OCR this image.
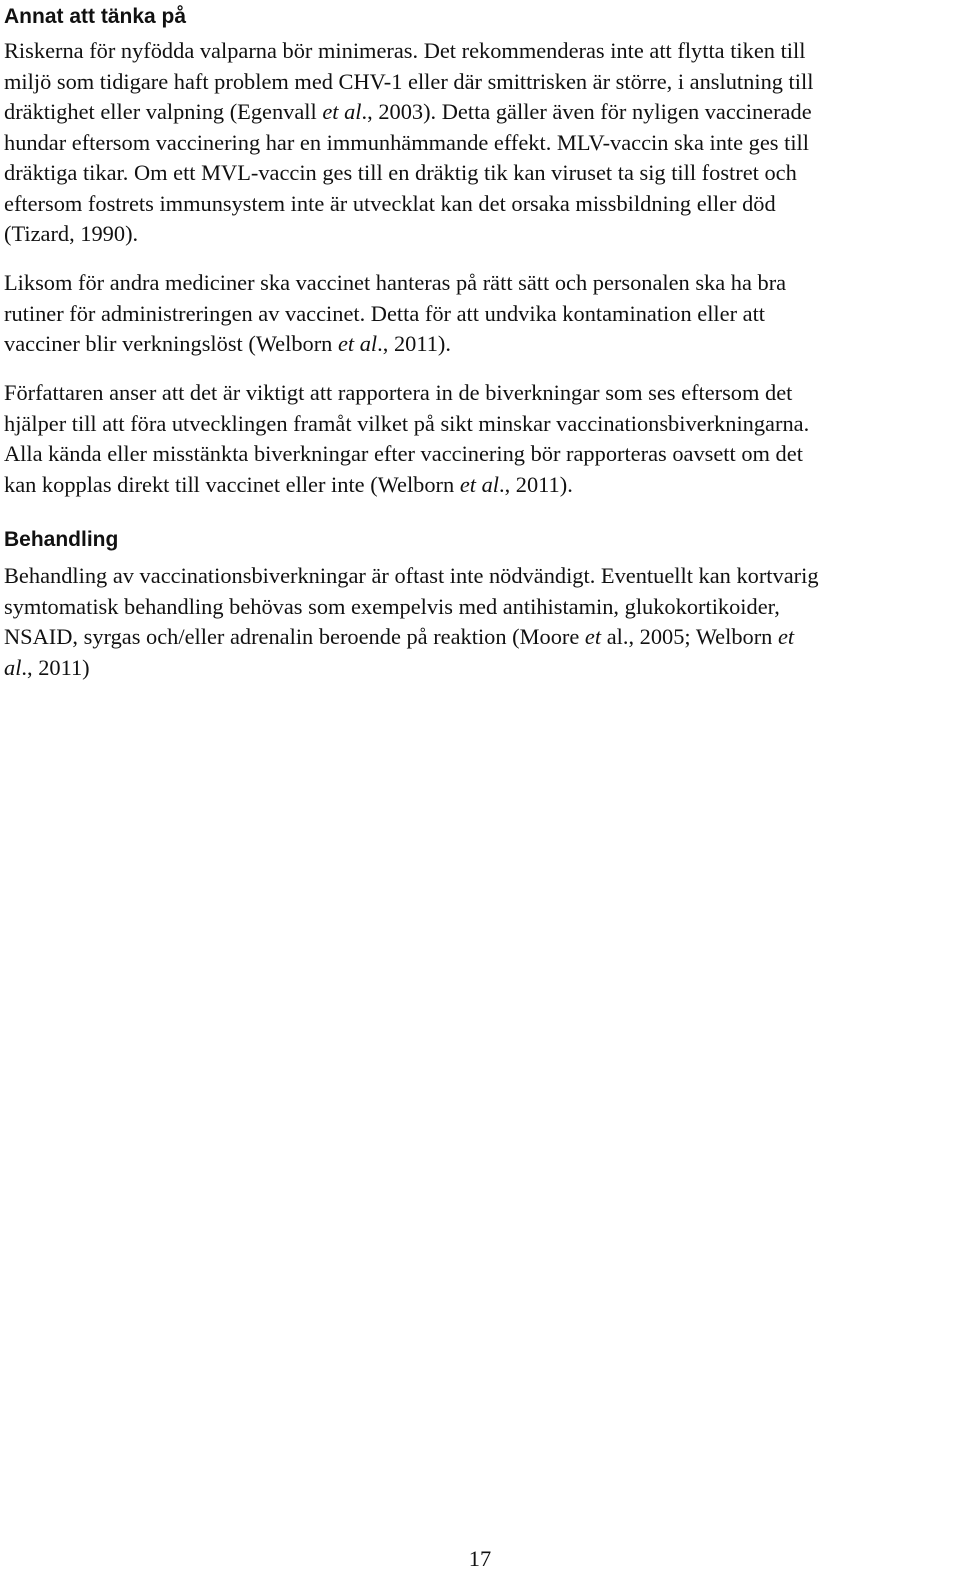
Annat att tänka på
Riskerna för nyfödda valparna bör minimeras. Det rekommenderas inte att flytta tiken till
miljö som tidigare haft problem med CHV-1 eller där smittrisken är större, i anslutning till
dräktighet eller valpning (Egenvall et al., 2003). Detta gäller även för nyligen vaccinerade
hundar eftersom vaccinering har en immunhämmande effekt. MLV-vaccin ska inte ges till
dräktiga tikar. Om ett MVL-vaccin ges till en dräktig tik kan viruset ta sig till fostret och
eftersom fostrets immunsystem inte är utvecklat kan det orsaka missbildning eller död
(Tizard, 1990).
Liksom för andra mediciner ska vaccinet hanteras på rätt sätt och personalen ska ha bra
rutiner för administreringen av vaccinet. Detta för att undvika kontamination eller att
vacciner blir verkningslöst (Welborn et al., 2011).
Författaren anser att det är viktigt att rapportera in de biverkningar som ses eftersom det
hjälper till att föra utvecklingen framåt vilket på sikt minskar vaccinationsbiverkningarna.
Alla kända eller misstänkta biverkningar efter vaccinering bör rapporteras oavsett om det
kan kopplas direkt till vaccinet eller inte (Welborn et al., 2011).
Behandling
Behandling av vaccinationsbiverkningar är oftast inte nödvändigt. Eventuellt kan kortvarig
symtomatisk behandling behövas som exempelvis med antihistamin, glukokortikoider,
NSAID, syrgas och/eller adrenalin beroende på reaktion (Moore et al., 2005; Welborn et
al., 2011)
17
